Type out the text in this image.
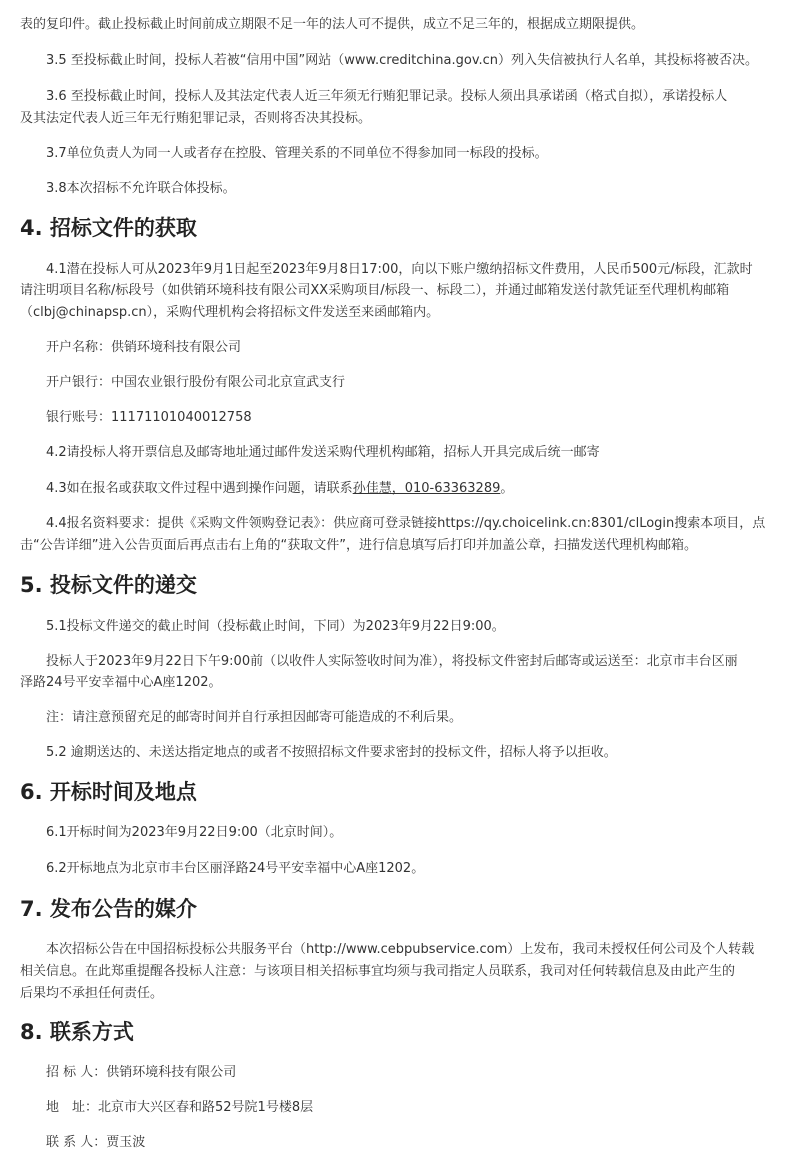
表的复印件。截止投标截止时间前成立期限不足一年的法人可不提供，成立不足三年的，根据成立期限提供。

3.5 至投标截止时间，投标人若被“信用中国”网站（www.creditchina.gov.cn）列入失信被执行人名单，其投标将被否决。

3.6 至投标截止时间，投标人及其法定代表人近三年须无行贿犯罪记录。投标人须出具承诺函（格式自拟），承诺投标人

及其法定代表人近三年无行贿犯罪记录，否则将否决其投标。

3.7单位负责人为同一人或者存在控股、管理关系的不同单位不得参加同一标段的投标。

3.8本次招标不允许联合体投标。

4. 招标文件的获取

4.1潜在投标人可从2023年9月1日起至2023年9月8日17:00，向以下账户缴纳招标文件费用，人民币500元/标段，汇款时

请注明项目名称/标段号（如供销环境科技有限公司XX采购项目/标段一、标段二），并通过邮箱发送付款凭证至代理机构邮箱

（clbj@chinapsp.cn），采购代理机构会将招标文件发送至来函邮箱内。

开户名称：供销环境科技有限公司

开户银行：中国农业银行股份有限公司北京宣武支行

银行账号：11171101040012758

4.2请投标人将开票信息及邮寄地址通过邮件发送采购代理机构邮箱，招标人开具完成后统一邮寄

4.3如在报名或获取文件过程中遇到操作问题，请联系孙佳慧，010-63363289。

4.4报名资料要求：提供《采购文件领购登记表》：供应商可登录链接https://qy.choicelink.cn:8301/clLogin搜索本项目，点

击“公告详细”进入公告页面后再点击右上角的“获取文件”，进行信息填写后打印并加盖公章，扫描发送代理机构邮箱。

5. 投标文件的递交

5.1投标文件递交的截止时间（投标截止时间，下同）为2023年9月22日9:00。

投标人于2023年9月22日下午9:00前（以收件人实际签收时间为准），将投标文件密封后邮寄或运送至：北京市丰台区丽

泽路24号平安幸福中心A座1202。

注：请注意预留充足的邮寄时间并自行承担因邮寄可能造成的不利后果。

5.2 逾期送达的、未送达指定地点的或者不按照招标文件要求密封的投标文件，招标人将予以拒收。

6. 开标时间及地点

6.1开标时间为2023年9月22日9:00（北京时间）。

6.2开标地点为北京市丰台区丽泽路24号平安幸福中心A座1202。

7. 发布公告的媒介

本次招标公告在中国招标投标公共服务平台（http://www.cebpubservice.com）上发布，我司未授权任何公司及个人转载

相关信息。在此郑重提醒各投标人注意：与该项目相关招标事宜均须与我司指定人员联系，我司对任何转载信息及由此产生的

后果均不承担任何责任。

8. 联系方式

招 标 人：供销环境科技有限公司

地　址：北京市大兴区春和路52号院1号楼8层

联 系 人：贾玉波
